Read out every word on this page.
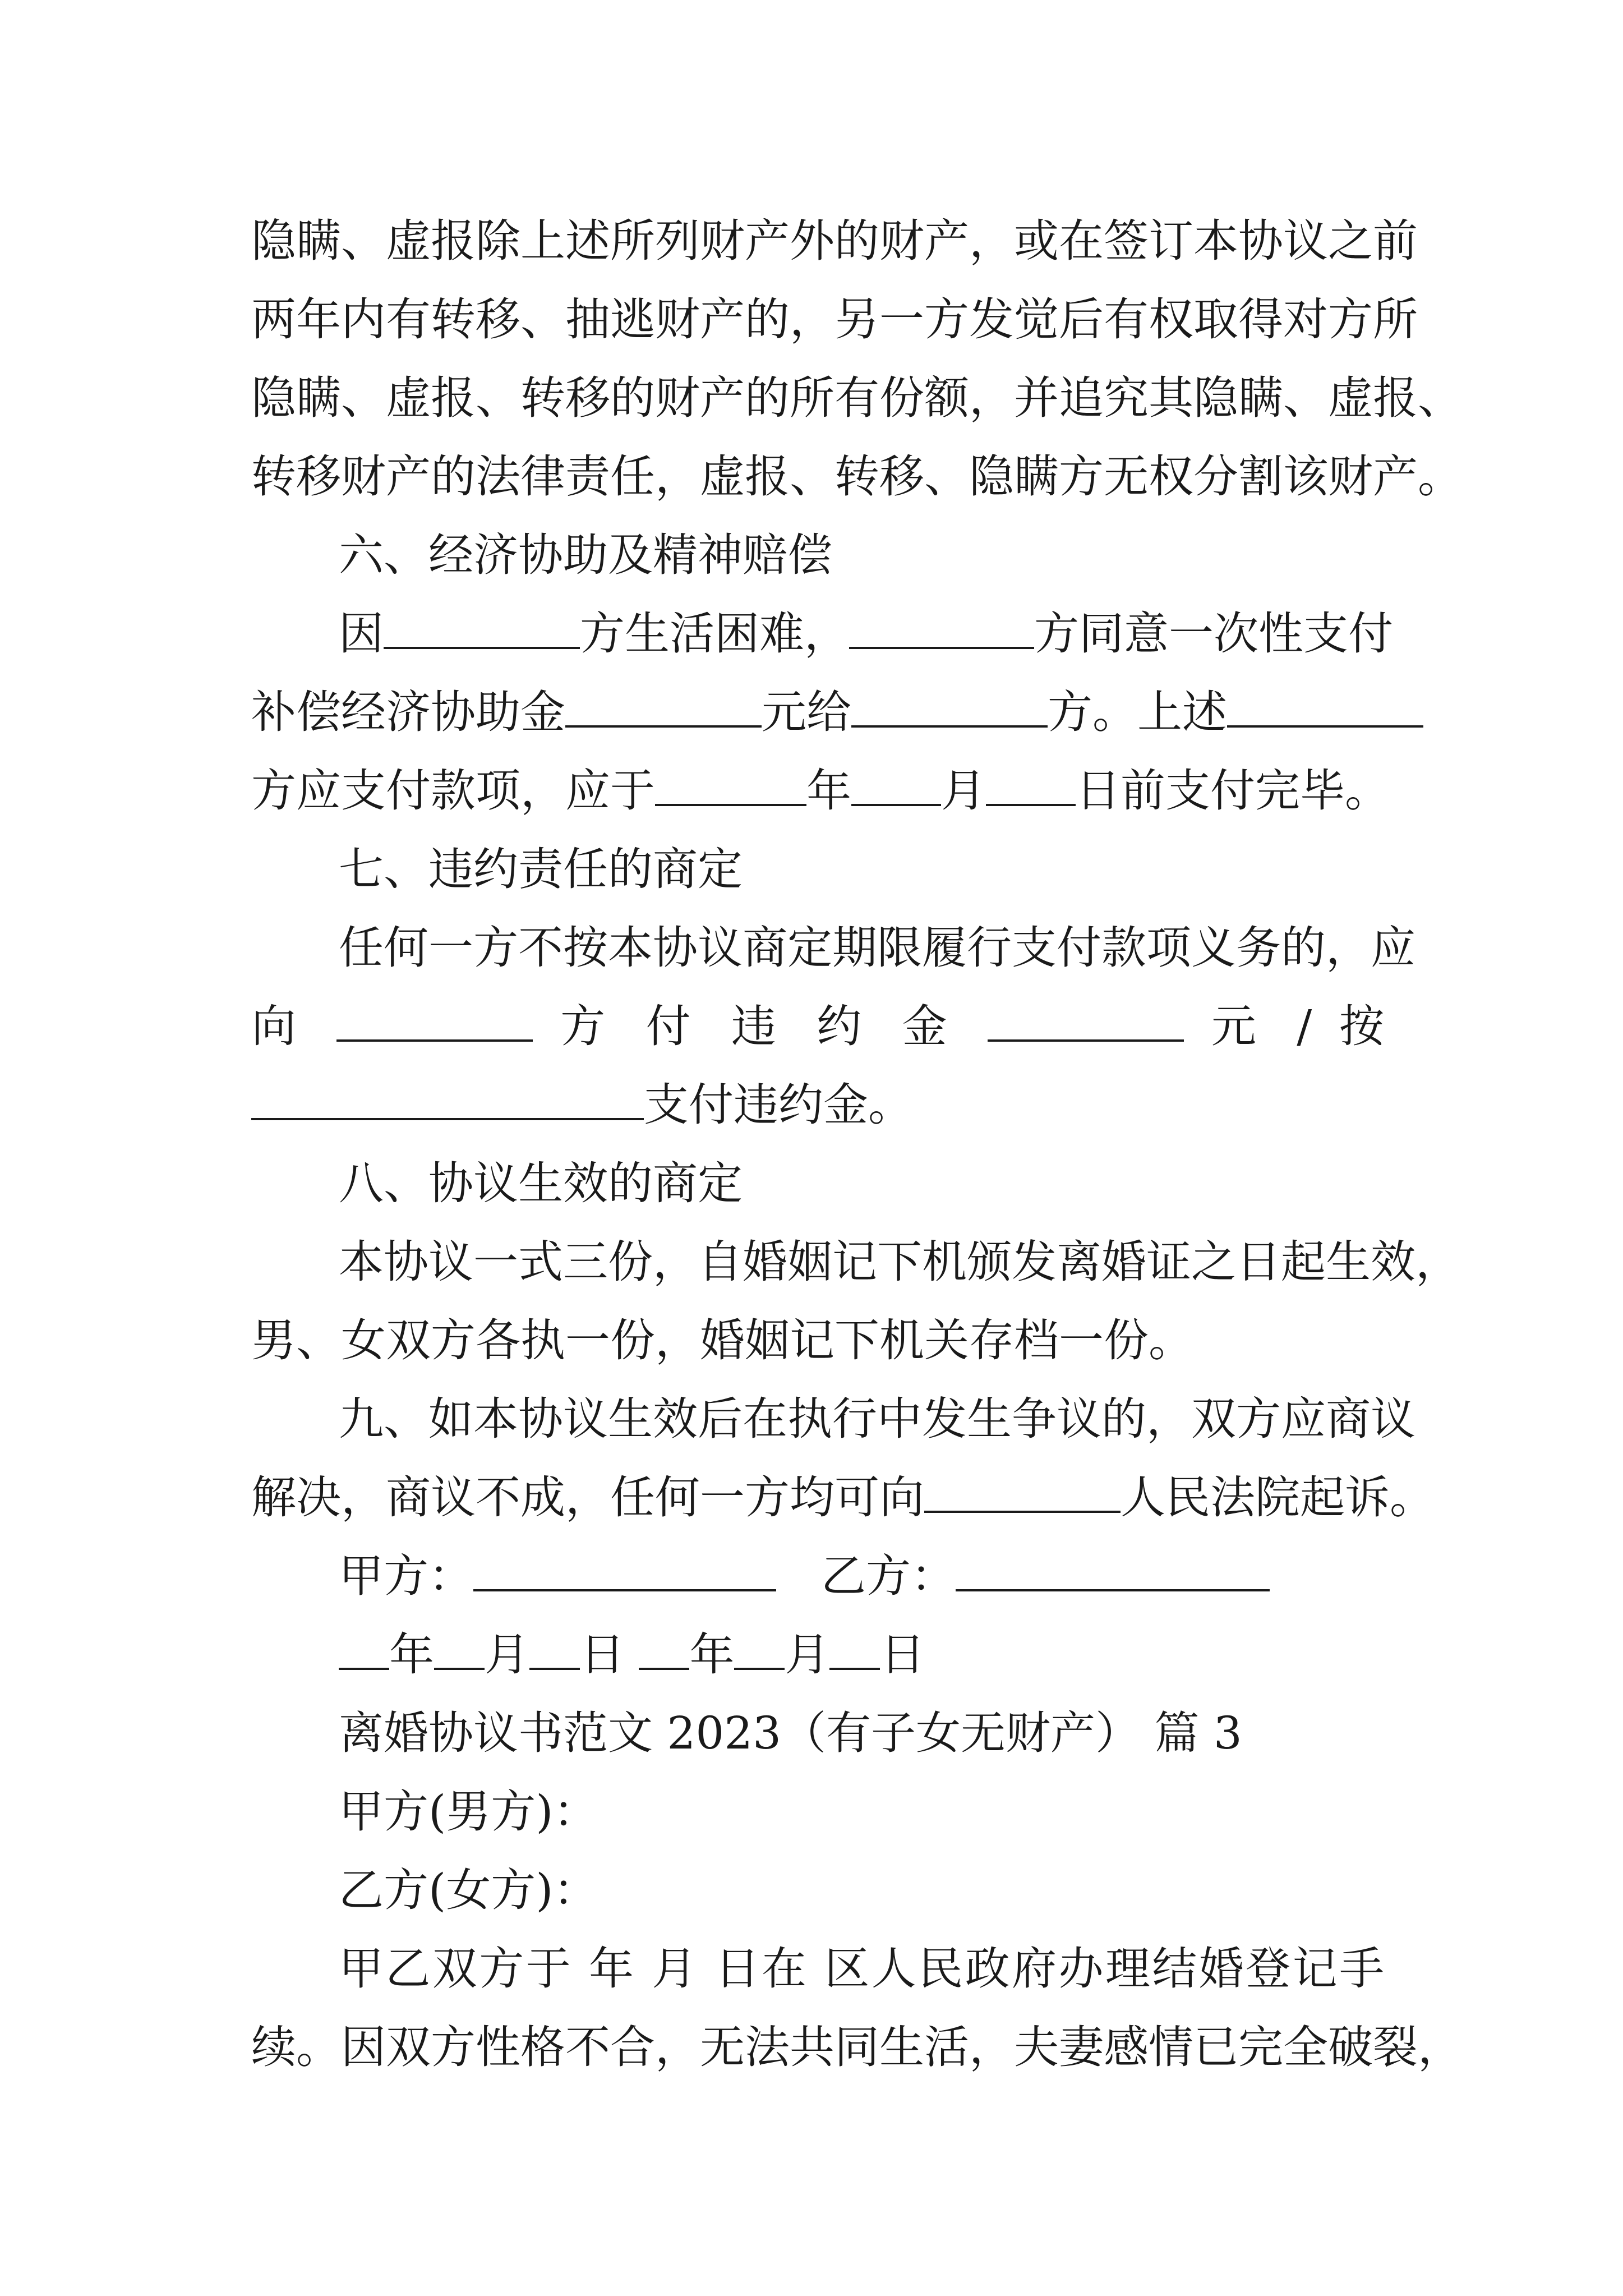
隐瞒、虚报除上述所列财产外的财产，或在签订本协议之前
两年内有转移、抽逃财产的，另一方发觉后有权取得对方所
隐瞒、虚报、转移的财产的所有份额，并追究其隐瞒、虚报、
转移财产的法律责任，虚报、转移、隐瞒方无权分割该财产。
六、经济协助及精神赔偿
因	方生活困难，	方同意一次性支付
补偿经济协助金	元给	方。上述
方应支付款项，应于	年 月 日前支付完毕。
七、违约责任的商定
任何一方不按本协议商定期限履行支付款项义务的，应
向	方 付 违 约 金	元 / 按
支付违约金。
八、协议生效的商定
本协议一式三份，自婚姻记下机颁发离婚证之日起生效，
男、女双方各执一份，婚姻记下机关存档一份。
九、如本协议生效后在执行中发生争议的，双方应商议
解决，商议不成，任何一方均可向	人民法院起诉。
甲方：	乙方：
年 月 日 年 月 日
离婚协议书范文 2023（有子女无财产） 篇 3
甲方(男方)：
乙方(女方)：
甲乙双方于 年 月 日在 区人民政府办理结婚登记手
续。因双方性格不合，无法共同生活，夫妻感情已完全破裂，
